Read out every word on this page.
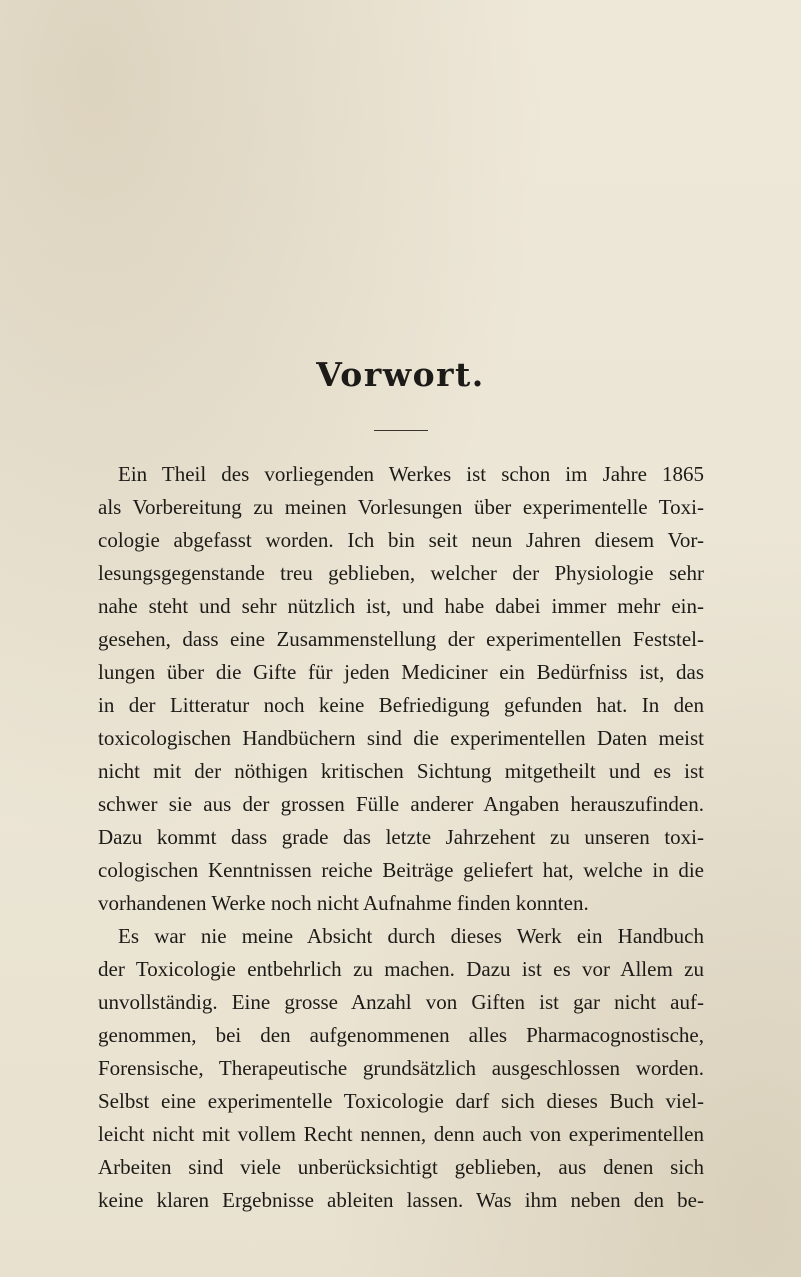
Vorwort.
Ein Theil des vorliegenden Werkes ist schon im Jahre 1865
als Vorbereitung zu meinen Vorlesungen über experimentelle Toxi-
cologie abgefasst worden. Ich bin seit neun Jahren diesem Vor-
lesungsgegenstande treu geblieben, welcher der Physiologie sehr
nahe steht und sehr nützlich ist, und habe dabei immer mehr ein-
gesehen, dass eine Zusammenstellung der experimentellen Feststel-
lungen über die Gifte für jeden Mediciner ein Bedürfniss ist, das
in der Litteratur noch keine Befriedigung gefunden hat. In den
toxicologischen Handbüchern sind die experimentellen Daten meist
nicht mit der nöthigen kritischen Sichtung mitgetheilt und es ist
schwer sie aus der grossen Fülle anderer Angaben herauszufinden.
Dazu kommt dass grade das letzte Jahrzehent zu unseren toxi-
cologischen Kenntnissen reiche Beiträge geliefert hat, welche in die
vorhandenen Werke noch nicht Aufnahme finden konnten.
Es war nie meine Absicht durch dieses Werk ein Handbuch
der Toxicologie entbehrlich zu machen. Dazu ist es vor Allem zu
unvollständig. Eine grosse Anzahl von Giften ist gar nicht auf-
genommen, bei den aufgenommenen alles Pharmacognostische,
Forensische, Therapeutische grundsätzlich ausgeschlossen worden.
Selbst eine experimentelle Toxicologie darf sich dieses Buch viel-
leicht nicht mit vollem Recht nennen, denn auch von experimentellen
Arbeiten sind viele unberücksichtigt geblieben, aus denen sich
keine klaren Ergebnisse ableiten lassen. Was ihm neben den be-
